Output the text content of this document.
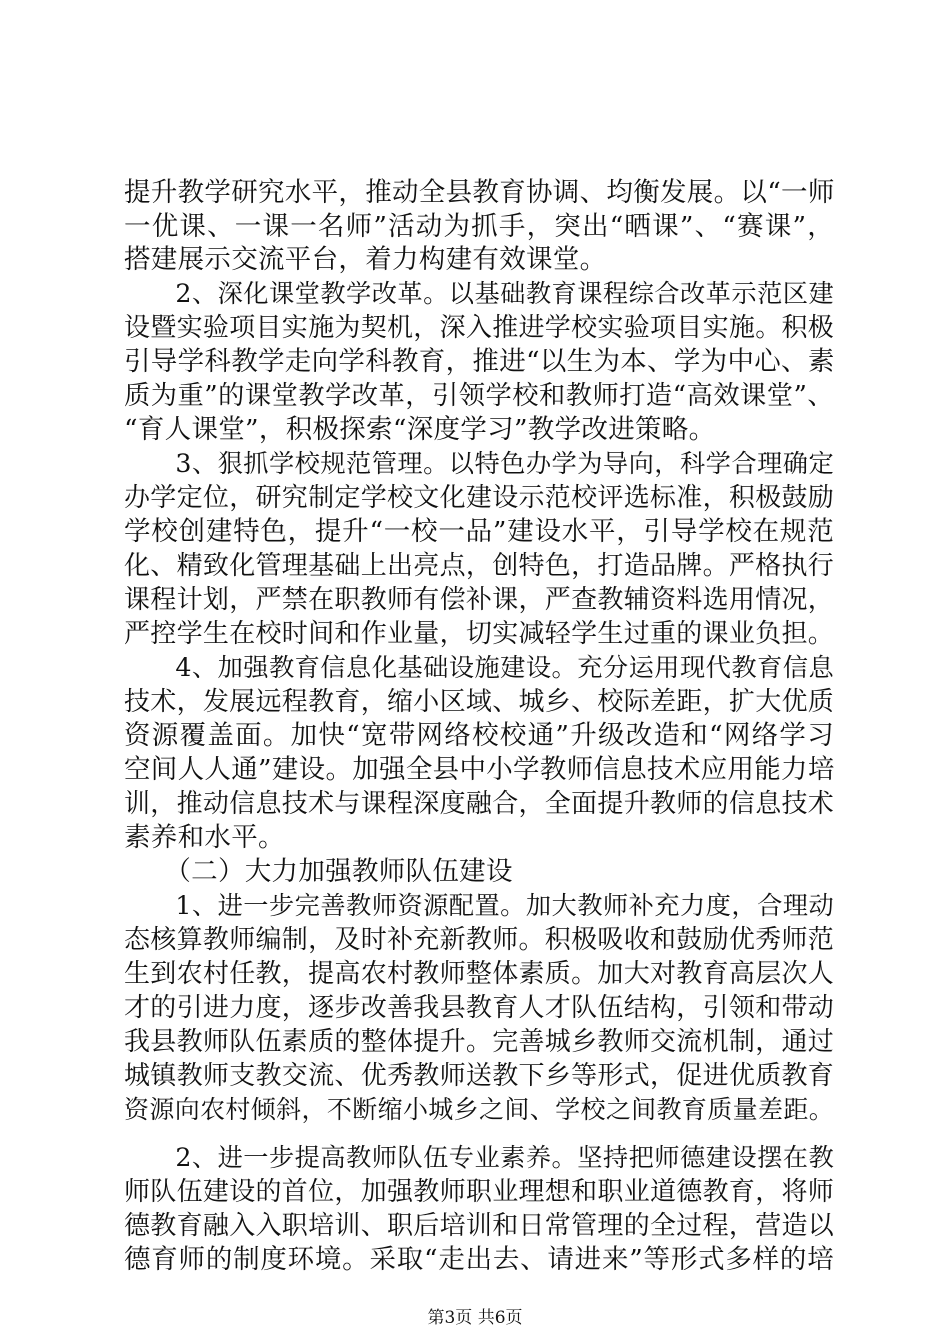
提升教学研究水平，推动全县教育协调、均衡发展。以“一师
一优课、一课一名师”活动为抓手，突出“晒课”、“赛课”，
搭建展示交流平台，着力构建有效课堂。
　　2、深化课堂教学改革。以基础教育课程综合改革示范区建
设暨实验项目实施为契机，深入推进学校实验项目实施。积极
引导学科教学走向学科教育，推进“以生为本、学为中心、素
质为重”的课堂教学改革，引领学校和教师打造“高效课堂”、
“育人课堂”，积极探索“深度学习”教学改进策略。
　　3、狠抓学校规范管理。以特色办学为导向，科学合理确定
办学定位，研究制定学校文化建设示范校评选标准，积极鼓励
学校创建特色，提升“一校一品”建设水平，引导学校在规范
化、精致化管理基础上出亮点，创特色，打造品牌。严格执行
课程计划，严禁在职教师有偿补课，严查教辅资料选用情况，
严控学生在校时间和作业量，切实减轻学生过重的课业负担。
　　4、加强教育信息化基础设施建设。充分运用现代教育信息
技术，发展远程教育，缩小区域、城乡、校际差距，扩大优质
资源覆盖面。加快“宽带网络校校通”升级改造和“网络学习
空间人人通”建设。加强全县中小学教师信息技术应用能力培
训，推动信息技术与课程深度融合，全面提升教师的信息技术
素养和水平。
　　（二）大力加强教师队伍建设
　　1、进一步完善教师资源配置。加大教师补充力度，合理动
态核算教师编制，及时补充新教师。积极吸收和鼓励优秀师范
生到农村任教，提高农村教师整体素质。加大对教育高层次人
才的引进力度，逐步改善我县教育人才队伍结构，引领和带动
我县教师队伍素质的整体提升。完善城乡教师交流机制，通过
城镇教师支教交流、优秀教师送教下乡等形式，促进优质教育
资源向农村倾斜，不断缩小城乡之间、学校之间教育质量差距。
　　2、进一步提高教师队伍专业素养。坚持把师德建设摆在教
师队伍建设的首位，加强教师职业理想和职业道德教育，将师
德教育融入入职培训、职后培训和日常管理的全过程，营造以
德育师的制度环境。采取“走出去、请进来”等形式多样的培
第3页 共6页
